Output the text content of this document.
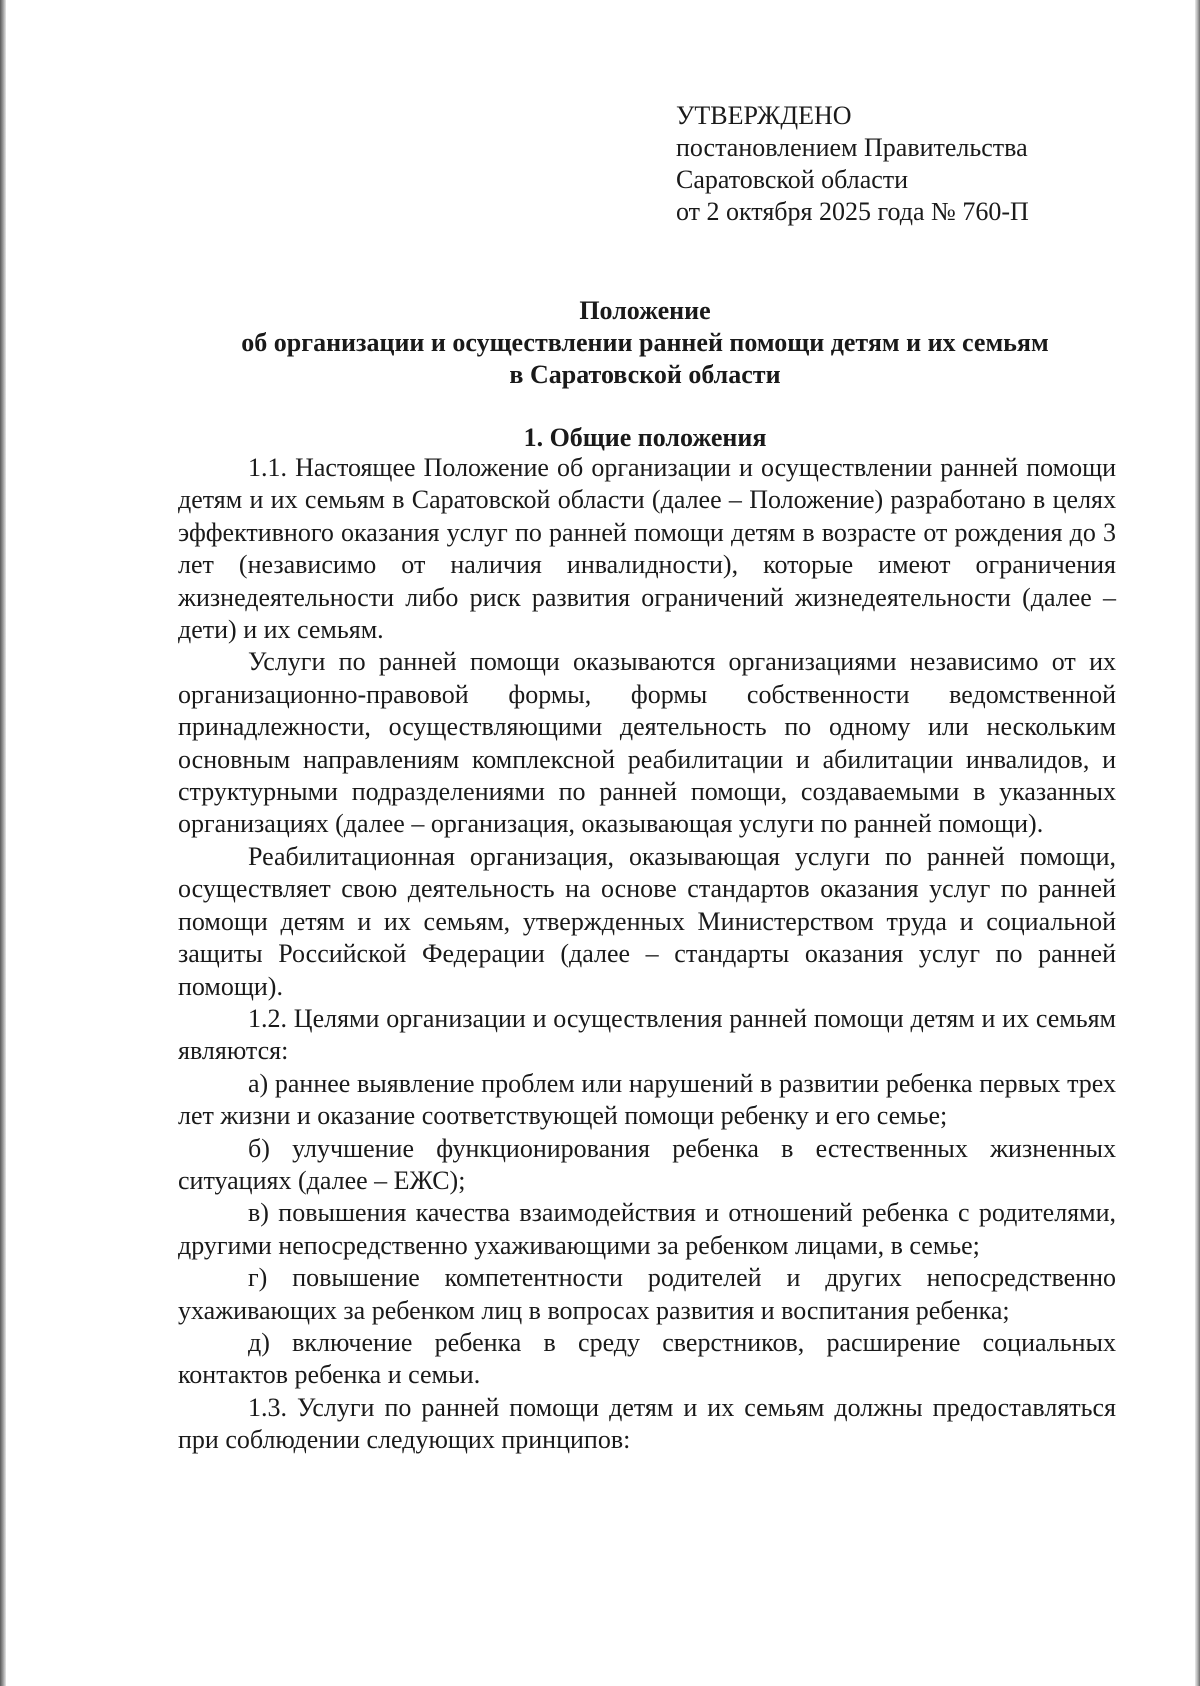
УТВЕРЖДЕНО
постановлением Правительства
Саратовской области
от 2 октября 2025 года № 760-П
Положение
об организации и осуществлении ранней помощи детям и их семьям
в Саратовской области
1. Общие положения

1.1. Настоящее Положение об организации и осуществлении ранней помощи детям и их семьям в Саратовской области (далее – Положение) разработано в целях эффективного оказания услуг по ранней помощи детям в возрасте от рождения до 3 лет (независимо от наличия инвалидности), которые имеют ограничения жизнедеятельности либо риск развития ограничений жизнедеятельности (далее – дети) и их семьям.

Услуги по ранней помощи оказываются организациями независимо от их организационно-правовой формы, формы собственности ведомственной принадлежности, осуществляющими деятельность по одному или нескольким основным направлениям комплексной реабилитации и абилитации инвалидов, и структурными подразделениями по ранней помощи, создаваемыми в указанных организациях (далее – организация, оказывающая услуги по ранней помощи).

Реабилитационная организация, оказывающая услуги по ранней помощи, осуществляет свою деятельность на основе стандартов оказания услуг по ранней помощи детям и их семьям, утвержденных Министерством труда и социальной защиты Российской Федерации (далее – стандарты оказания услуг по ранней помощи).

1.2. Целями организации и осуществления ранней помощи детям и их семьям являются:

а) раннее выявление проблем или нарушений в развитии ребенка первых трех лет жизни и оказание соответствующей помощи ребенку и его семье;

б) улучшение функционирования ребенка в естественных жизненных ситуациях (далее – ЕЖС);

в) повышения качества взаимодействия и отношений ребенка с родителями, другими непосредственно ухаживающими за ребенком лицами, в семье;

г) повышение компетентности родителей и других непосредственно ухаживающих за ребенком лиц в вопросах развития и воспитания ребенка;

д) включение ребенка в среду сверстников, расширение социальных контактов ребенка и семьи.

1.3. Услуги по ранней помощи детям и их семьям должны предоставляться при соблюдении следующих принципов:
